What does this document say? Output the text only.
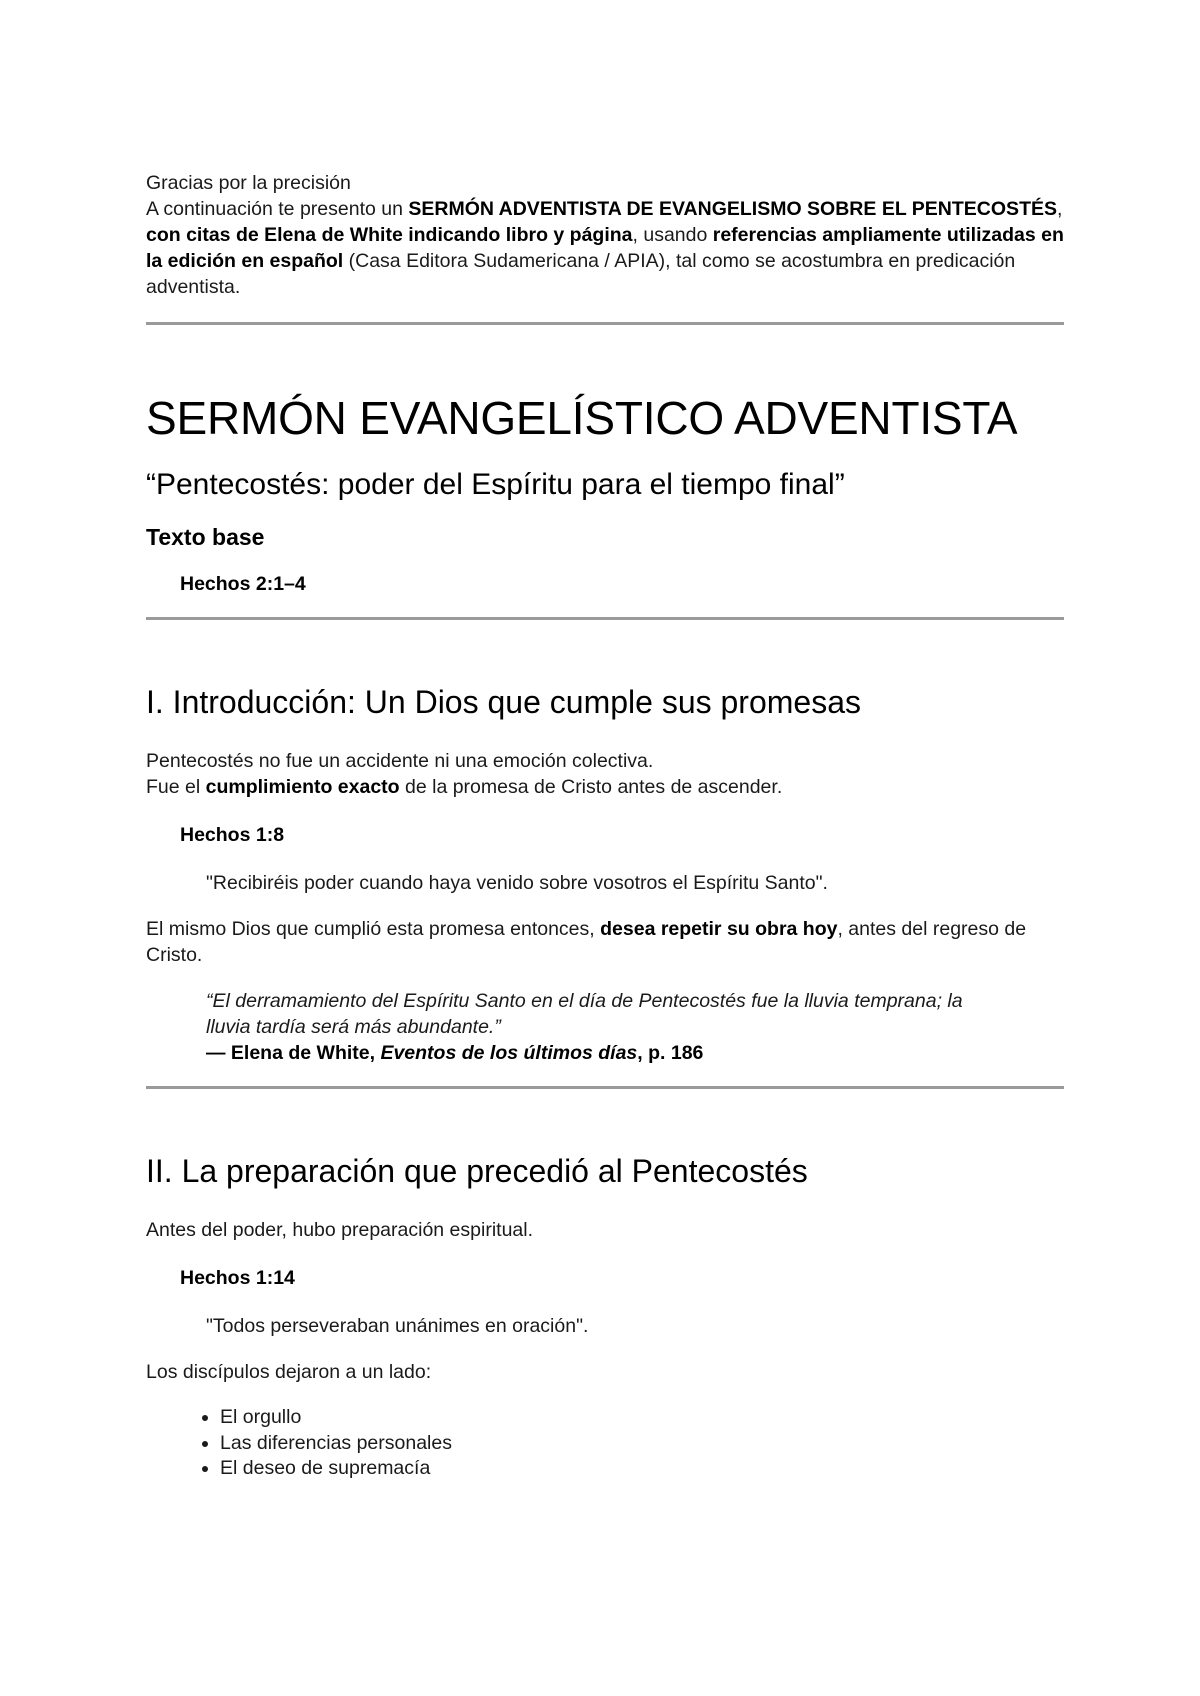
Gracias por la precisión
A continuación te presento un SERMÓN ADVENTISTA DE EVANGELISMO SOBRE EL PENTECOSTÉS, con citas de Elena de White indicando libro y página, usando referencias ampliamente utilizadas en la edición en español (Casa Editora Sudamericana / APIA), tal como se acostumbra en predicación adventista.

SERMÓN EVANGELÍSTICO ADVENTISTA
“Pentecostés: poder del Espíritu para el tiempo final”
Texto base

Hechos 2:1–4

I. Introducción: Un Dios que cumple sus promesas

Pentecostés no fue un accidente ni una emoción colectiva.
Fue el cumplimiento exacto de la promesa de Cristo antes de ascender.

Hechos 1:8

"Recibiréis poder cuando haya venido sobre vosotros el Espíritu Santo".

El mismo Dios que cumplió esta promesa entonces, desea repetir su obra hoy, antes del regreso de Cristo.

“El derramamiento del Espíritu Santo en el día de Pentecostés fue la lluvia temprana; la lluvia tardía será más abundante.”
— Elena de White, Eventos de los últimos días, p. 186
II. La preparación que precedió al Pentecostés

Antes del poder, hubo preparación espiritual.

Hechos 1:14

"Todos perseveraban unánimes en oración".

Los discípulos dejaron a un lado:

• El orgullo
• Las diferencias personales
• El deseo de supremacía
